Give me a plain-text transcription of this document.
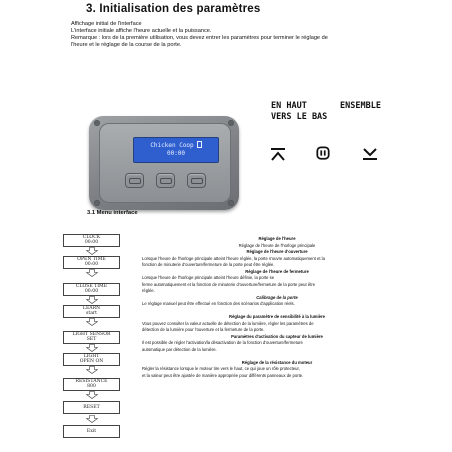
3. Initialisation des paramètres
Affichage initial de l'interface
L'interface initiale affiche l'heure actuelle et la puissance.
Remarque : lors de la première utilisation, vous devez entrer les paramètres pour terminer le réglage de
l'heure et le réglage de la course de la porte.
Chicken Coop
00:00
3.1 Menu interface
EN HAUT	ENSEMBLE
VERS LE BAS
CLOCK
00:00
OPEN TIME
00:00
CLOSE TIME
00:00
LEARN
start
LIGHT SENSOR
SET
LIGHT
OPEN ON
RESISTANCE
800
RESET
Exit
Réglage de l'heure
Réglage de l'heure de l'horloge principale
Réglage de l'heure d'ouverture
Lorsque l'heure de l'horloge principale atteint l'heure réglée, la porte s'ouvre automatiquement et la
fonction de minuterie d'ouverture/fermeture de la porte peut être réglée.
Réglage de l'heure de fermeture
Lorsque l'heure de l'horloge principale atteint l'heure définie, la porte se
ferme automatiquement et la fonction de minuterie d'ouverture/fermeture de la porte peut être
réglée.
Calibrage de la porte
Le réglage manuel peut être effectué en fonction des scénarios d'application réels.
Réglage du paramètre de sensibilité à la lumière
Vous pouvez consulter la valeur actuelle de détection de la lumière, régler les paramètres de
détection de la lumière pour l'ouverture et la fermeture de la porte.
Paramètres d'activation du capteur de lumière
Il est possible de régler l'activation/la désactivation de la fonction d'ouverture/fermeture
automatique par détection de la lumière.
Réglage de la résistance du moteur
Régler la résistance lorsque le moteur tire vers le haut, ce qui joue un rôle protecteur,
et la valeur peut être ajustée de manière appropriée pour différents panneaux de porte.
